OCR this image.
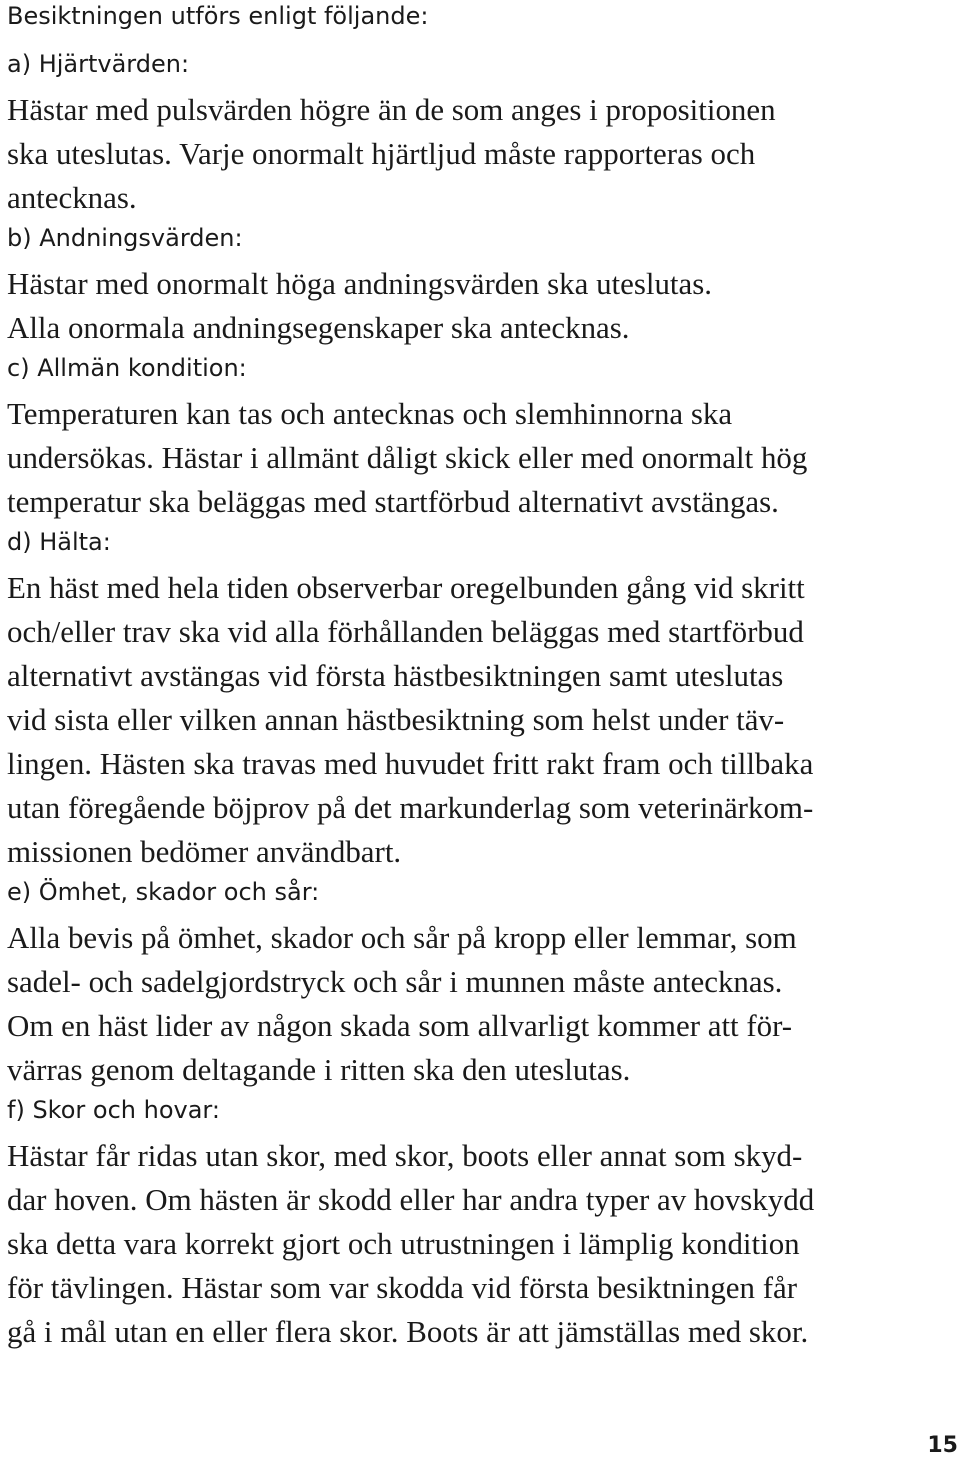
Besiktningen utförs enligt följande:
a) Hjärtvärden:
Hästar med pulsvärden högre än de som anges i propositionen
ska uteslutas. Varje onormalt hjärtljud måste rapporteras och
antecknas.
b) Andningsvärden:
Hästar med onormalt höga andningsvärden ska uteslutas.
Alla onormala andningsegenskaper ska antecknas.
c) Allmän kondition:
Temperaturen kan tas och antecknas och slemhinnorna ska
undersökas. Hästar i allmänt dåligt skick eller med onormalt hög
temperatur ska beläggas med startförbud alternativt avstängas.
d) Hälta:
En häst med hela tiden observerbar oregelbunden gång vid skritt
och/eller trav ska vid alla förhållanden beläggas med startförbud
alternativt avstängas vid första hästbesiktningen samt uteslutas
vid sista eller vilken annan hästbesiktning som helst under täv-
lingen. Hästen ska travas med huvudet fritt rakt fram och tillbaka
utan föregående böjprov på det markunderlag som veterinärkom-
missionen bedömer användbart.
e) Ömhet, skador och sår:
Alla bevis på ömhet, skador och sår på kropp eller lemmar, som
sadel- och sadelgjordstryck och sår i munnen måste antecknas.
Om en häst lider av någon skada som allvarligt kommer att för-
värras genom deltagande i ritten ska den uteslutas.
f) Skor och hovar:
Hästar får ridas utan skor, med skor, boots eller annat som skyd-
dar hoven. Om hästen är skodd eller har andra typer av hovskydd
ska detta vara korrekt gjort och utrustningen i lämplig kondition
för tävlingen. Hästar som var skodda vid första besiktningen får
gå i mål utan en eller flera skor. Boots är att jämställas med skor.
15
